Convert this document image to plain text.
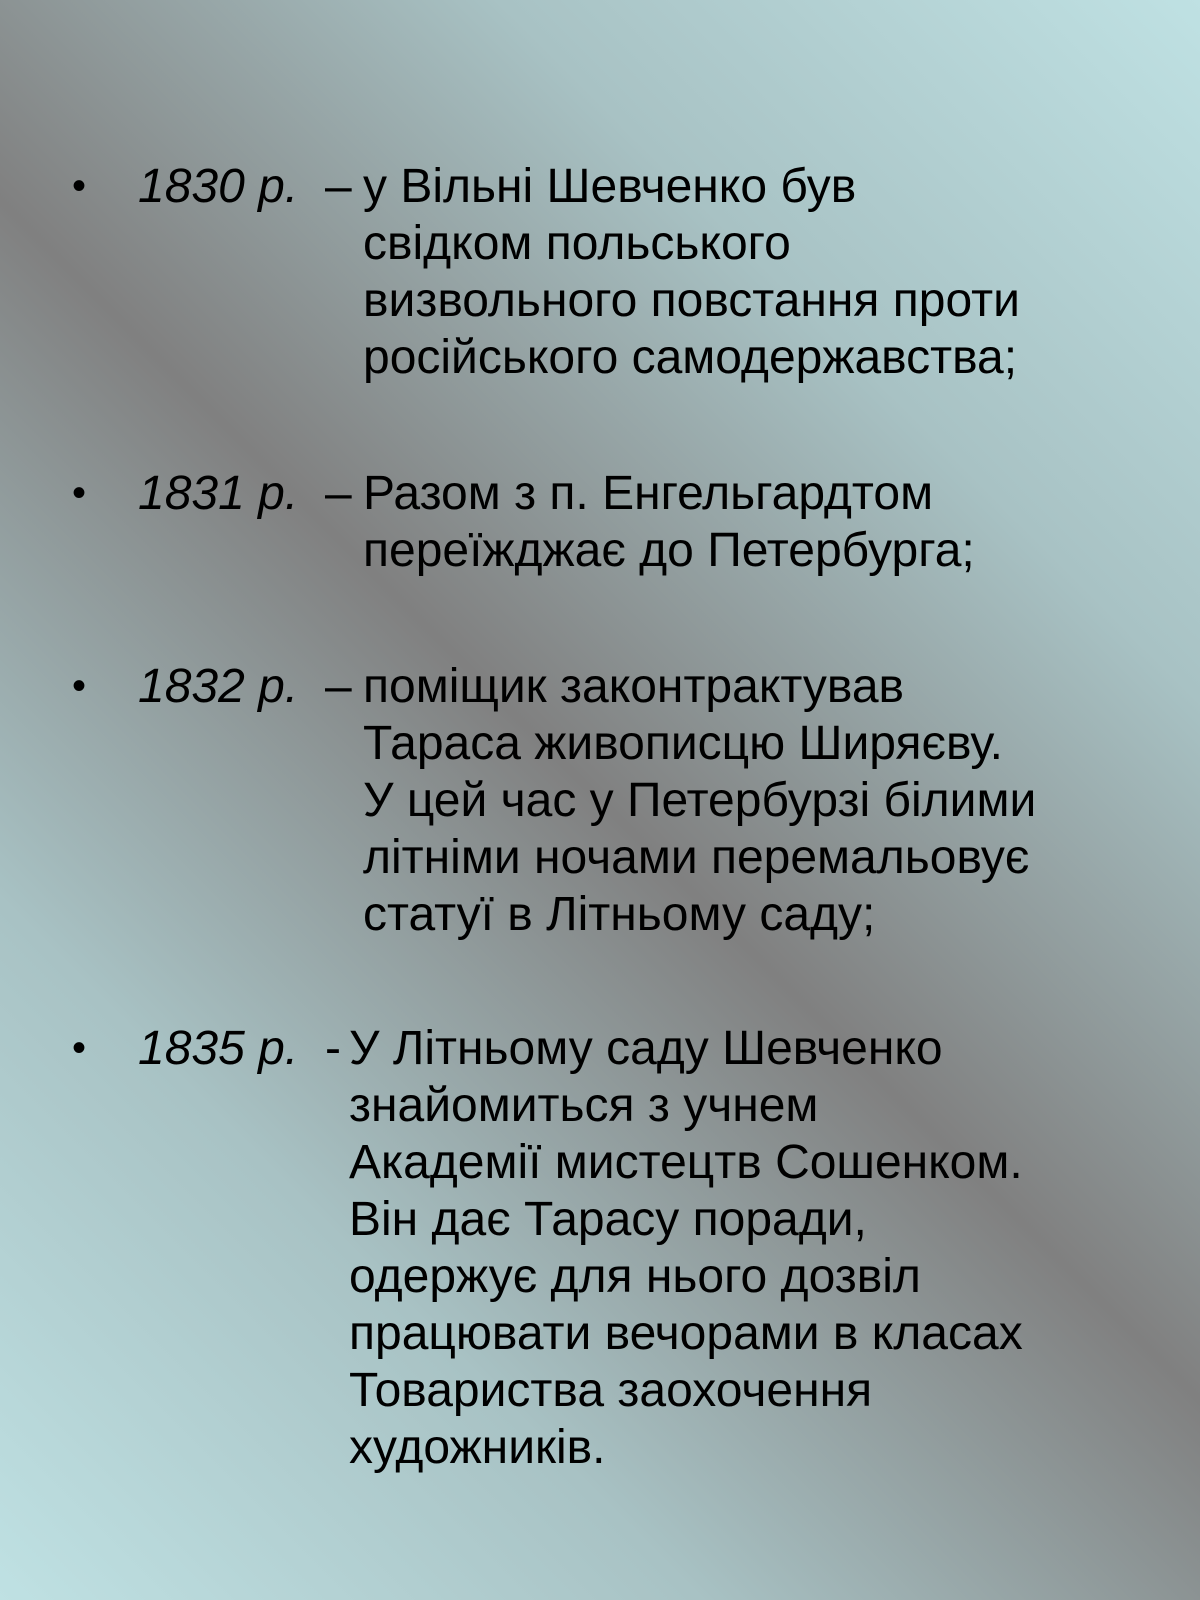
• 1830 р. – у Вільні Шевченко був
свідком польського
визвольного повстання проти
російського самодержавства;
• 1831 р. – Разом з п. Енгельгардтом
переїжджає до Петербурга;
• 1832 р. – поміщик законтрактував
Тараса живописцю Ширяєву.
У цей час у Петербурзі білими
літніми ночами перемальовує
статуї в Літньому саду;
• 1835 р. - У Літньому саду Шевченко
знайомиться з учнем
Академії мистецтв Сошенком.
Він дає Тарасу поради,
одержує для нього дозвіл
працювати вечорами в класах
Товариства заохочення
художників.
